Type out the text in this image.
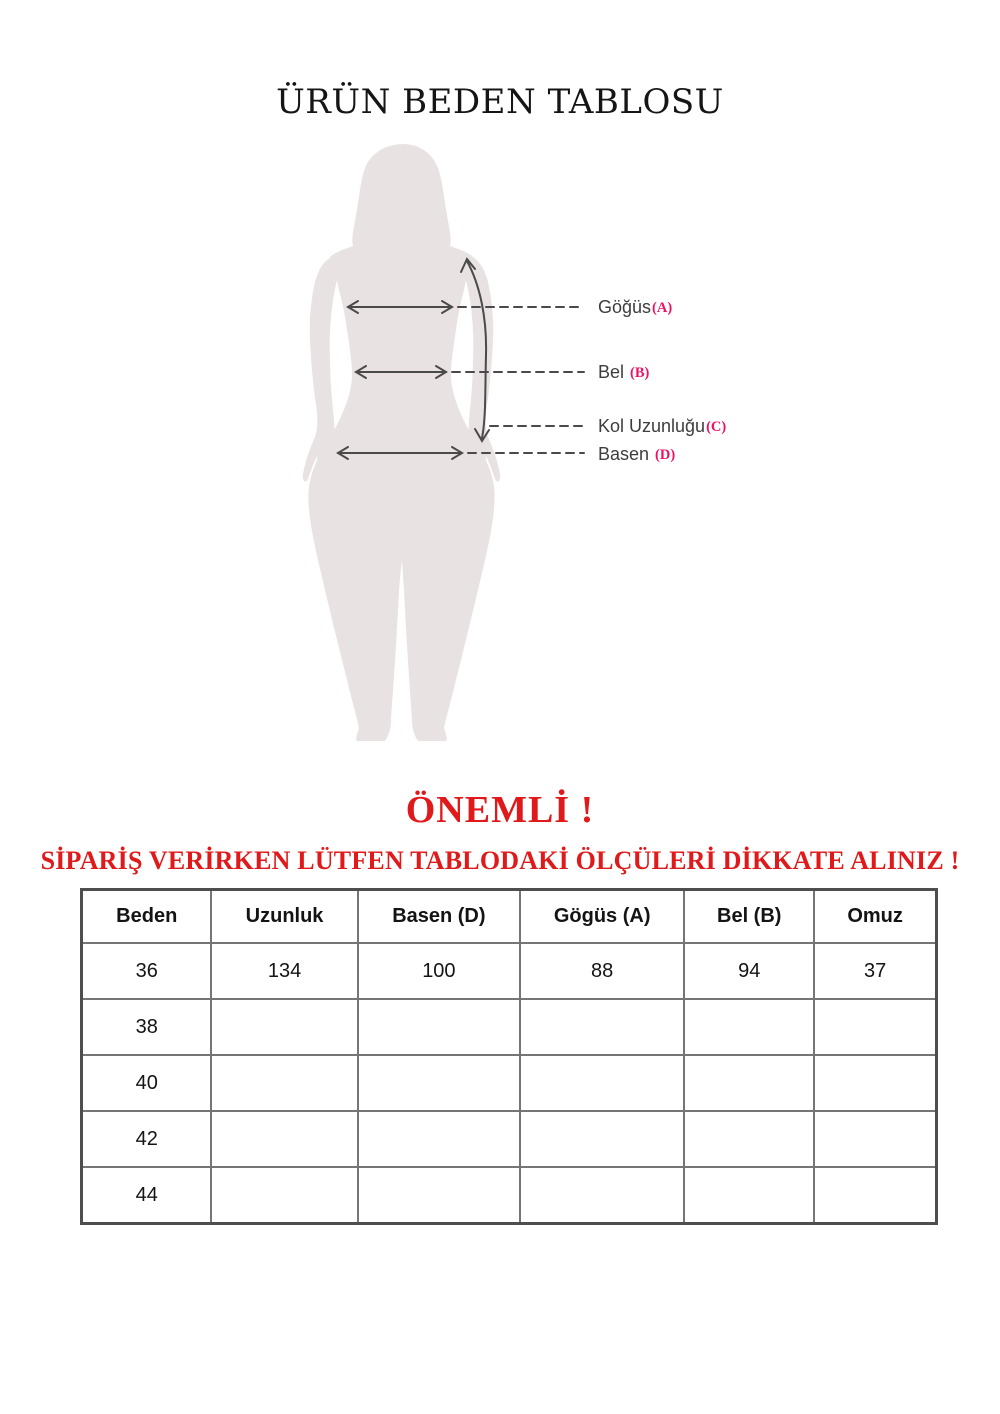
ÜRÜN BEDEN TABLOSU
Göğüs(A)
Bel (B)
Kol Uzunluğu(C)
Basen (D)
ÖNEMLİ !
SİPARİŞ VERİRKEN LÜTFEN TABLODAKİ ÖLÇÜLERİ DİKKATE ALINIZ !
Beden	Uzunluk	Basen (D)	Gögüs (A)	Bel (B)	Omuz
36	134	100	88	94	37
38					
40					
42					
44					
